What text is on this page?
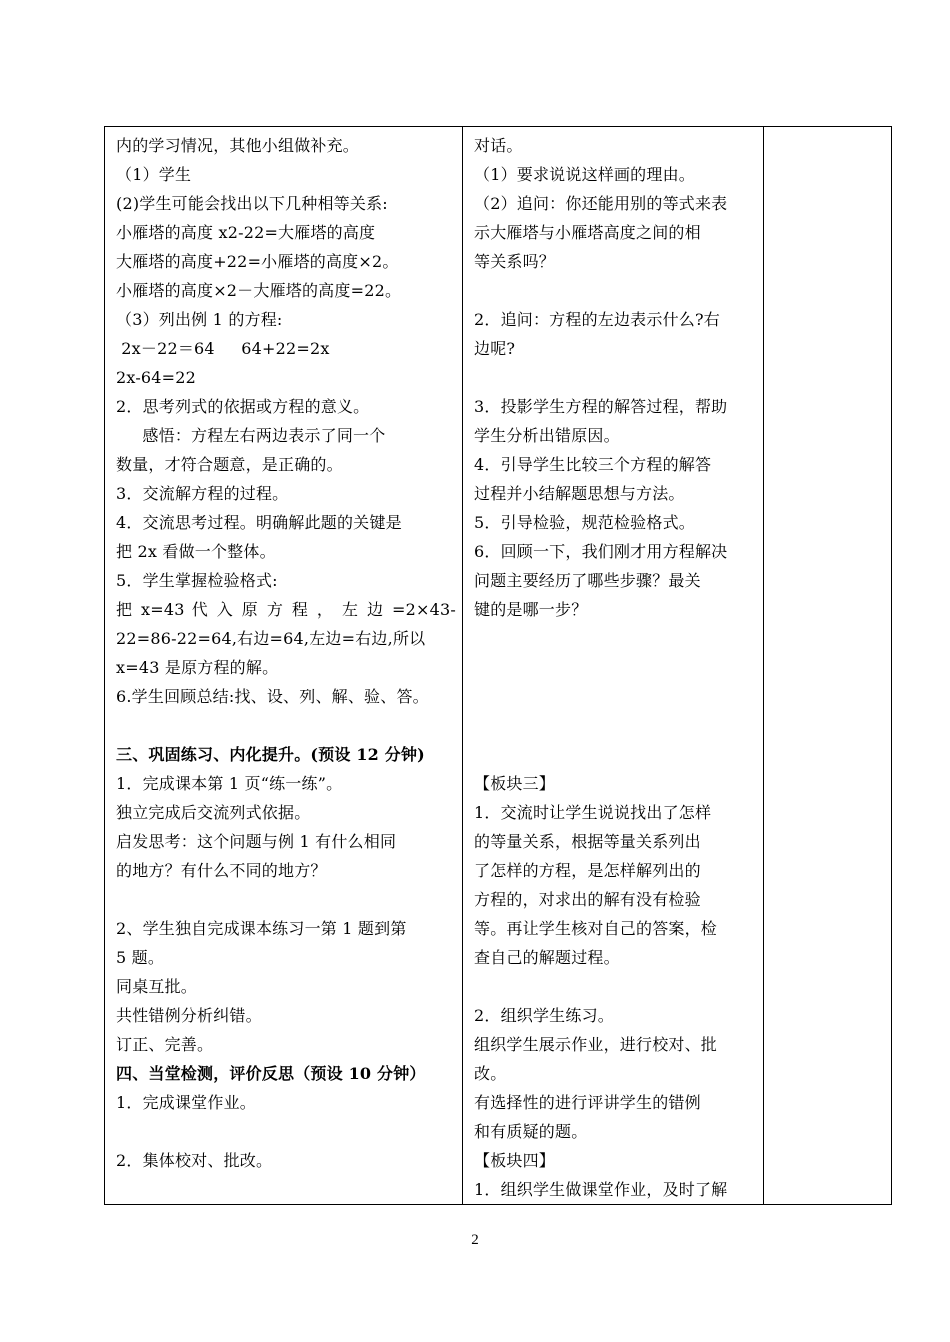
内的学习情况，其他小组做补充。
（1）学生
(2)学生可能会找出以下几种相等关系:
小雁塔的高度 x2-22=大雁塔的高度
大雁塔的高度+22=小雁塔的高度×2。
小雁塔的高度×2－大雁塔的高度=22。
（3）列出例 1 的方程:
2x－22＝64     64+22=2x
2x-64=22
2．思考列式的依据或方程的意义。
感悟：方程左右两边表示了同一个
数量，才符合题意，是正确的。
3．交流解方程的过程。
4．交流思考过程。明确解此题的关键是
把 2x 看做一个整体。
5．学生掌握检验格式:
把 x=43 代 入 原 方 程 ， 左 边 =2×43-
22=86-22=64,右边=64,左边=右边,所以
x=43 是原方程的解。
6.学生回顾总结:找、设、列、解、验、答。
三、巩固练习、内化提升。(预设 12 分钟)
1．完成课本第 1 页“练一练”。
独立完成后交流列式依据。
启发思考：这个问题与例 1 有什么相同
的地方？有什么不同的地方？
2、学生独自完成课本练习一第 1 题到第
5 题。
同桌互批。
共性错例分析纠错。
订正、完善。
四、当堂检测，评价反思（预设 10 分钟）
1．完成课堂作业。
2．集体校对、批改。

对话。
（1）要求说说这样画的理由。
（2）追问：你还能用别的等式来表
示大雁塔与小雁塔高度之间的相
等关系吗？
2．追问：方程的左边表示什么?右
边呢?
3．投影学生方程的解答过程，帮助
学生分析出错原因。
4．引导学生比较三个方程的解答
过程并小结解题思想与方法。
5．引导检验，规范检验格式。
6．回顾一下，我们刚才用方程解决
问题主要经历了哪些步骤？最关
键的是哪一步？
【板块三】
1．交流时让学生说说找出了怎样
的等量关系，根据等量关系列出
了怎样的方程，是怎样解列出的
方程的，对求出的解有没有检验
等。再让学生核对自己的答案，检
查自己的解题过程。
2．组织学生练习。
组织学生展示作业，进行校对、批
改。
有选择性的进行评讲学生的错例
和有质疑的题。
【板块四】
1．组织学生做课堂作业，及时了解

2
